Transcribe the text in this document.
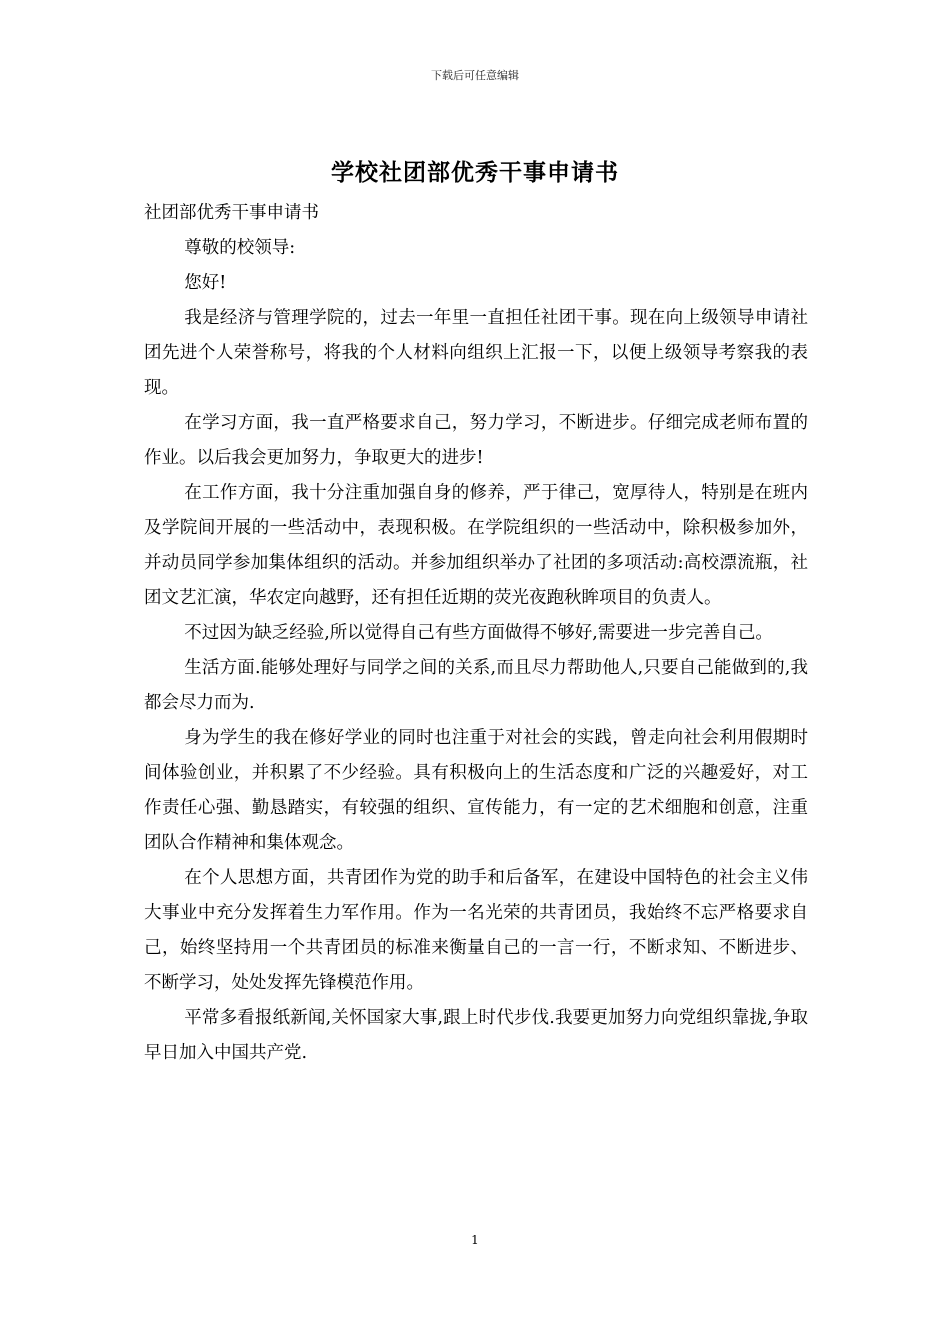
下载后可任意编辑
学校社团部优秀干事申请书

社团部优秀干事申请书

尊敬的校领导:

您好!

我是经济与管理学院的，过去一年里一直担任社团干事。现在向上级领导申请社团先进个人荣誉称号，将我的个人材料向组织上汇报一下，以便上级领导考察我的表现。

在学习方面，我一直严格要求自己，努力学习，不断进步。仔细完成老师布置的作业。以后我会更加努力，争取更大的进步!

在工作方面，我十分注重加强自身的修养，严于律己，宽厚待人，特别是在班内及学院间开展的一些活动中，表现积极。在学院组织的一些活动中，除积极参加外，并动员同学参加集体组织的活动。并参加组织举办了社团的多项活动:高校漂流瓶，社团文艺汇演，华农定向越野，还有担任近期的荧光夜跑秋眸项目的负责人。

不过因为缺乏经验,所以觉得自己有些方面做得不够好,需要进一步完善自己。

生活方面.能够处理好与同学之间的关系,而且尽力帮助他人,只要自己能做到的,我都会尽力而为.

身为学生的我在修好学业的同时也注重于对社会的实践，曾走向社会利用假期时间体验创业，并积累了不少经验。具有积极向上的生活态度和广泛的兴趣爱好，对工作责任心强、勤恳踏实，有较强的组织、宣传能力，有一定的艺术细胞和创意，注重团队合作精神和集体观念。

在个人思想方面，共青团作为党的助手和后备军，在建设中国特色的社会主义伟大事业中充分发挥着生力军作用。作为一名光荣的共青团员，我始终不忘严格要求自己，始终坚持用一个共青团员的标准来衡量自己的一言一行，不断求知、不断进步、不断学习，处处发挥先锋模范作用。

平常多看报纸新闻,关怀国家大事,跟上时代步伐.我要更加努力向党组织靠拢,争取早日加入中国共产党.

1
